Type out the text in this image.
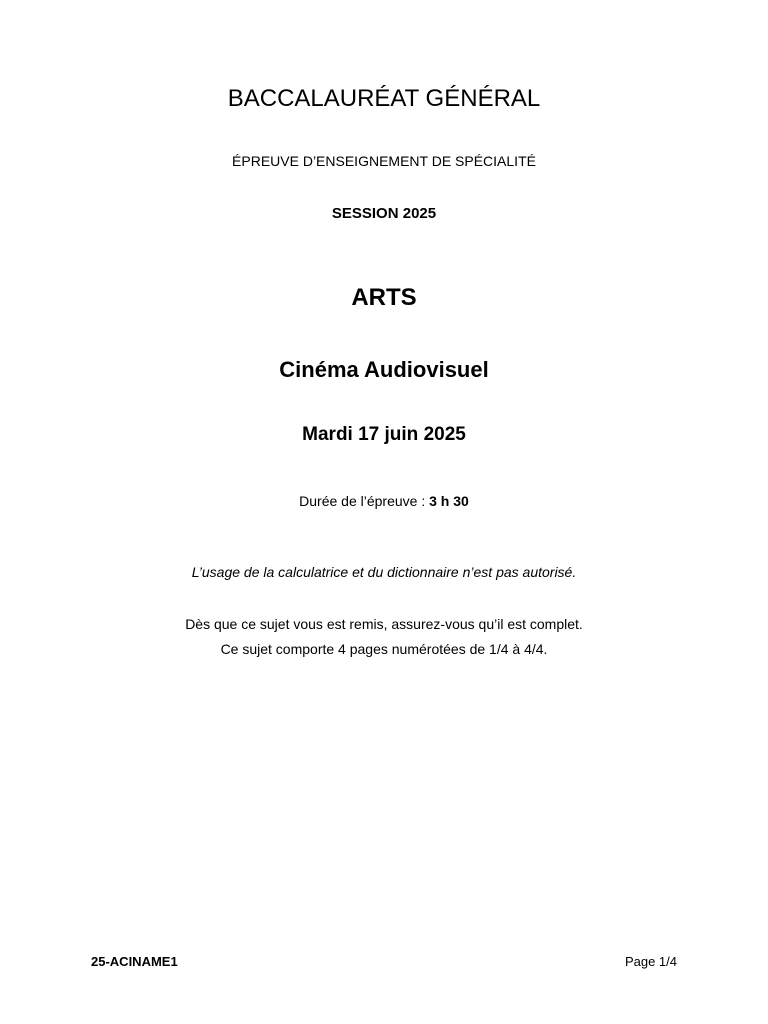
BACCALAURÉAT GÉNÉRAL
ÉPREUVE D’ENSEIGNEMENT DE SPÉCIALITÉ
SESSION 2025
ARTS
Cinéma Audiovisuel
Mardi 17 juin 2025
Durée de l’épreuve : 3 h 30
L’usage de la calculatrice et du dictionnaire n’est pas autorisé.
Dès que ce sujet vous est remis, assurez-vous qu’il est complet.
Ce sujet comporte 4 pages numérotées de 1/4 à 4/4.
25-ACINAME1	Page 1/4
